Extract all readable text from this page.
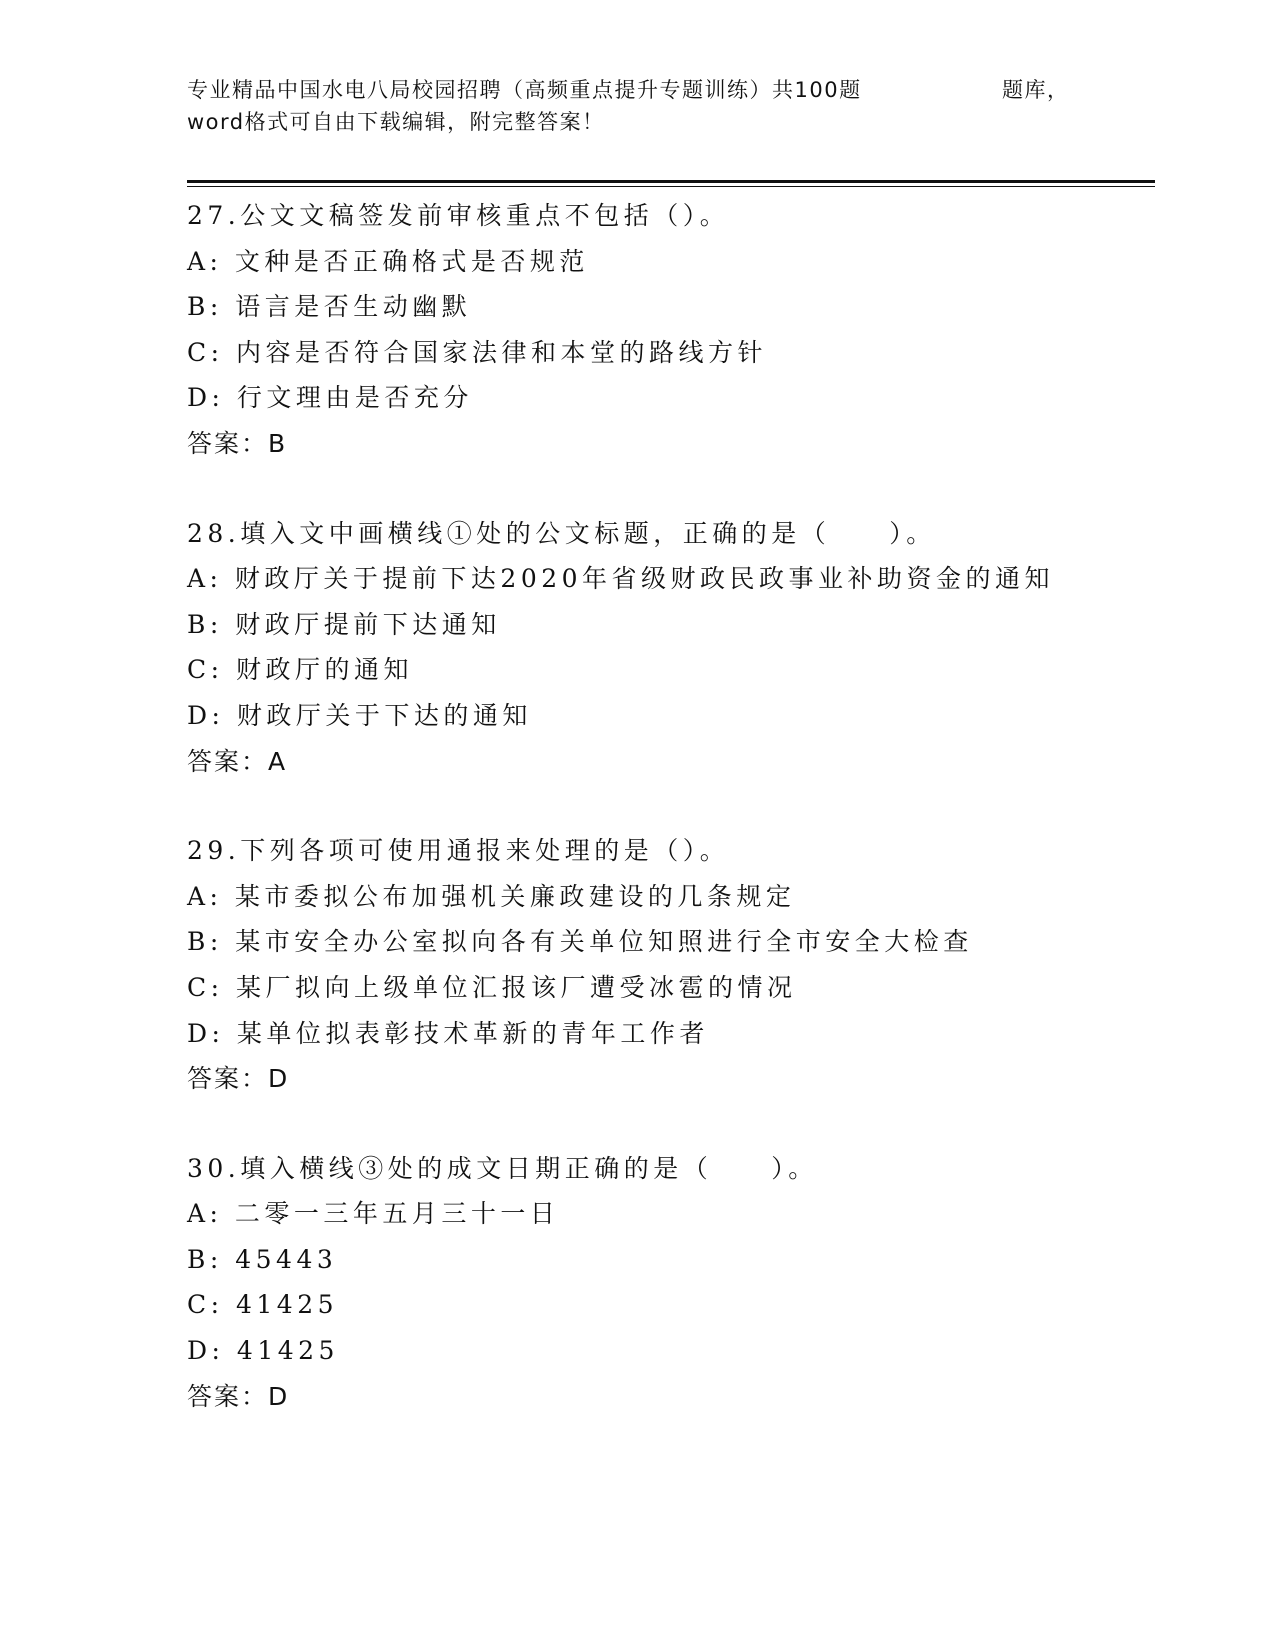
专业精品中国水电八局校园招聘（高频重点提升专题训练）共100题	题库，
word格式可自由下载编辑，附完整答案！
27.公文文稿签发前审核重点不包括（）。
A: 文种是否正确格式是否规范
B: 语言是否生动幽默
C: 内容是否符合国家法律和本堂的路线方针
D: 行文理由是否充分
答案：B
28.填入文中画横线①处的公文标题，正确的是（　　）。
A: 财政厅关于提前下达2020年省级财政民政事业补助资金的通知
B: 财政厅提前下达通知
C: 财政厅的通知
D: 财政厅关于下达的通知
答案：A
29.下列各项可使用通报来处理的是（）。
A: 某市委拟公布加强机关廉政建设的几条规定
B: 某市安全办公室拟向各有关单位知照进行全市安全大检查
C: 某厂拟向上级单位汇报该厂遭受冰雹的情况
D: 某单位拟表彰技术革新的青年工作者
答案：D
30.填入横线③处的成文日期正确的是（　　）。
A: 二零一三年五月三十一日
B: 45443
C: 41425
D: 41425
答案：D
